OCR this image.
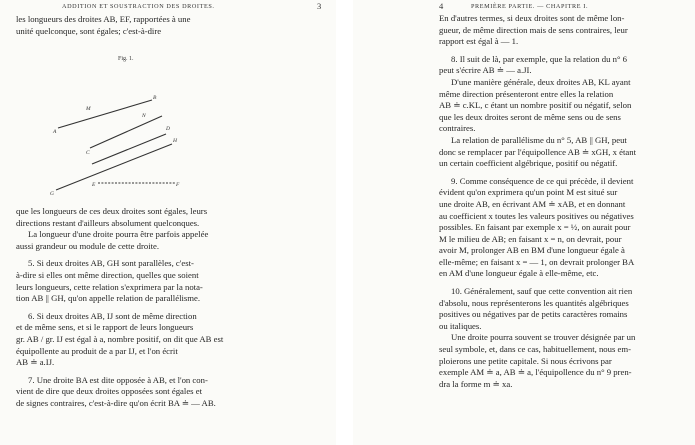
ADDITION ET SOUSTRACTION DES DROITES.	3

les longueurs des droites AB, EF, rapportées à une

unité quelconque, sont égales; c'est-à-dire

Fig. 1.
A
B
M
N
C
D
G
H
E	F

que les longueurs de ces deux droites sont égales, leurs

directions restant d'ailleurs absolument quelconques.

La longueur d'une droite pourra être parfois appelée

aussi grandeur ou module de cette droite.

5. Si deux droites AB, GH sont parallèles, c'est-

à-dire si elles ont même direction, quelles que soient

leurs longueurs, cette relation s'exprimera par la nota-

tion AB || GH, qu'on appelle relation de parallélisme.

6. Si deux droites AB, IJ sont de même direction

et de même sens, et si le rapport de leurs longueurs

gr. AB / gr. IJ est égal à a, nombre positif, on dit que AB est

équipollente au produit de a par IJ, et l'on écrit

AB ≐ a.IJ.

7. Une droite BA est dite opposée à AB, et l'on con-

vient de dire que deux droites opposées sont égales et

de signes contraires, c'est-à-dire qu'on écrit BA ≐ — AB.

4	PREMIÈRE PARTIE. — CHAPITRE I.

En d'autres termes, si deux droites sont de même lon-

gueur, de même direction mais de sens contraires, leur

rapport est égal à — 1.

8. Il suit de là, par exemple, que la relation du n° 6

peut s'écrire AB ≐ — a.JI.

D'une manière générale, deux droites AB, KL ayant

même direction présenteront entre elles la relation

AB ≐ c.KL, c étant un nombre positif ou négatif, selon

que les deux droites seront de même sens ou de sens

contraires.

La relation de parallélisme du n° 5, AB || GH, peut

donc se remplacer par l'équipollence AB ≐ xGH, x étant

un certain coefficient algébrique, positif ou négatif.

9. Comme conséquence de ce qui précède, il devient

évident qu'on exprimera qu'un point M est situé sur

une droite AB, en écrivant AM ≐ xAB, et en donnant

au coefficient x toutes les valeurs positives ou négatives

possibles. En faisant par exemple x = ½, on aurait pour

M le milieu de AB; en faisant x = n, on devrait, pour

avoir M, prolonger AB en BM d'une longueur égale à

elle-même; en faisant x = — 1, on devrait prolonger BA

en AM d'une longueur égale à elle-même, etc.

10. Généralement, sauf que cette convention ait rien

d'absolu, nous représenterons les quantités algébriques

positives ou négatives par de petits caractères romains

ou italiques.

Une droite pourra souvent se trouver désignée par un

seul symbole, et, dans ce cas, habituellement, nous em-

ploierons une petite capitale. Si nous écrivons par

exemple AM ≐ a, AB ≐ a, l'équipollence du n° 9 pren-

dra la forme m ≐ xa.
